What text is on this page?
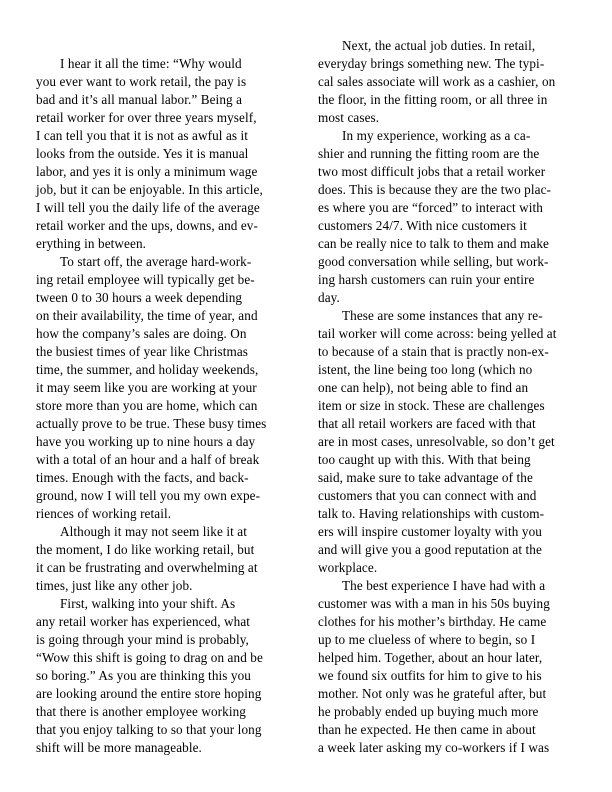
I hear it all the time: “Why would
you ever want to work retail, the pay is
bad and it’s all manual labor.” Being a
retail worker for over three years myself,
I can tell you that it is not as awful as it
looks from the outside. Yes it is manual
labor, and yes it is only a minimum wage
job, but it can be enjoyable. In this article,
I will tell you the daily life of the average
retail worker and the ups, downs, and ev-
erything in between.
To start off, the average hard-work-
ing retail employee will typically get be-
tween 0 to 30 hours a week depending
on their availability, the time of year, and
how the company’s sales are doing. On
the busiest times of year like Christmas
time, the summer, and holiday weekends,
it may seem like you are working at your
store more than you are home, which can
actually prove to be true. These busy times
have you working up to nine hours a day
with a total of an hour and a half of break
times. Enough with the facts, and back-
ground, now I will tell you my own expe-
riences of working retail.
Although it may not seem like it at
the moment, I do like working retail, but
it can be frustrating and overwhelming at
times, just like any other job.
First, walking into your shift. As
any retail worker has experienced, what
is going through your mind is probably,
“Wow this shift is going to drag on and be
so boring.” As you are thinking this you
are looking around the entire store hoping
that there is another employee working
that you enjoy talking to so that your long
shift will be more manageable.
Next, the actual job duties. In retail,
everyday brings something new. The typi-
cal sales associate will work as a cashier, on
the floor, in the fitting room, or all three in
most cases.
In my experience, working as a ca-
shier and running the fitting room are the
two most difficult jobs that a retail worker
does. This is because they are the two plac-
es where you are “forced” to interact with
customers 24/7. With nice customers it
can be really nice to talk to them and make
good conversation while selling, but work-
ing harsh customers can ruin your entire
day.
These are some instances that any re-
tail worker will come across: being yelled at
to because of a stain that is practly non-ex-
istent, the line being too long (which no
one can help), not being able to find an
item or size in stock. These are challenges
that all retail workers are faced with that
are in most cases, unresolvable, so don’t get
too caught up with this. With that being
said, make sure to take advantage of the
customers that you can connect with and
talk to. Having relationships with custom-
ers will inspire customer loyalty with you
and will give you a good reputation at the
workplace.
The best experience I have had with a
customer was with a man in his 50s buying
clothes for his mother’s birthday. He came
up to me clueless of where to begin, so I
helped him. Together, about an hour later,
we found six outfits for him to give to his
mother. Not only was he grateful after, but
he probably ended up buying much more
than he expected. He then came in about
a week later asking my co-workers if I was
